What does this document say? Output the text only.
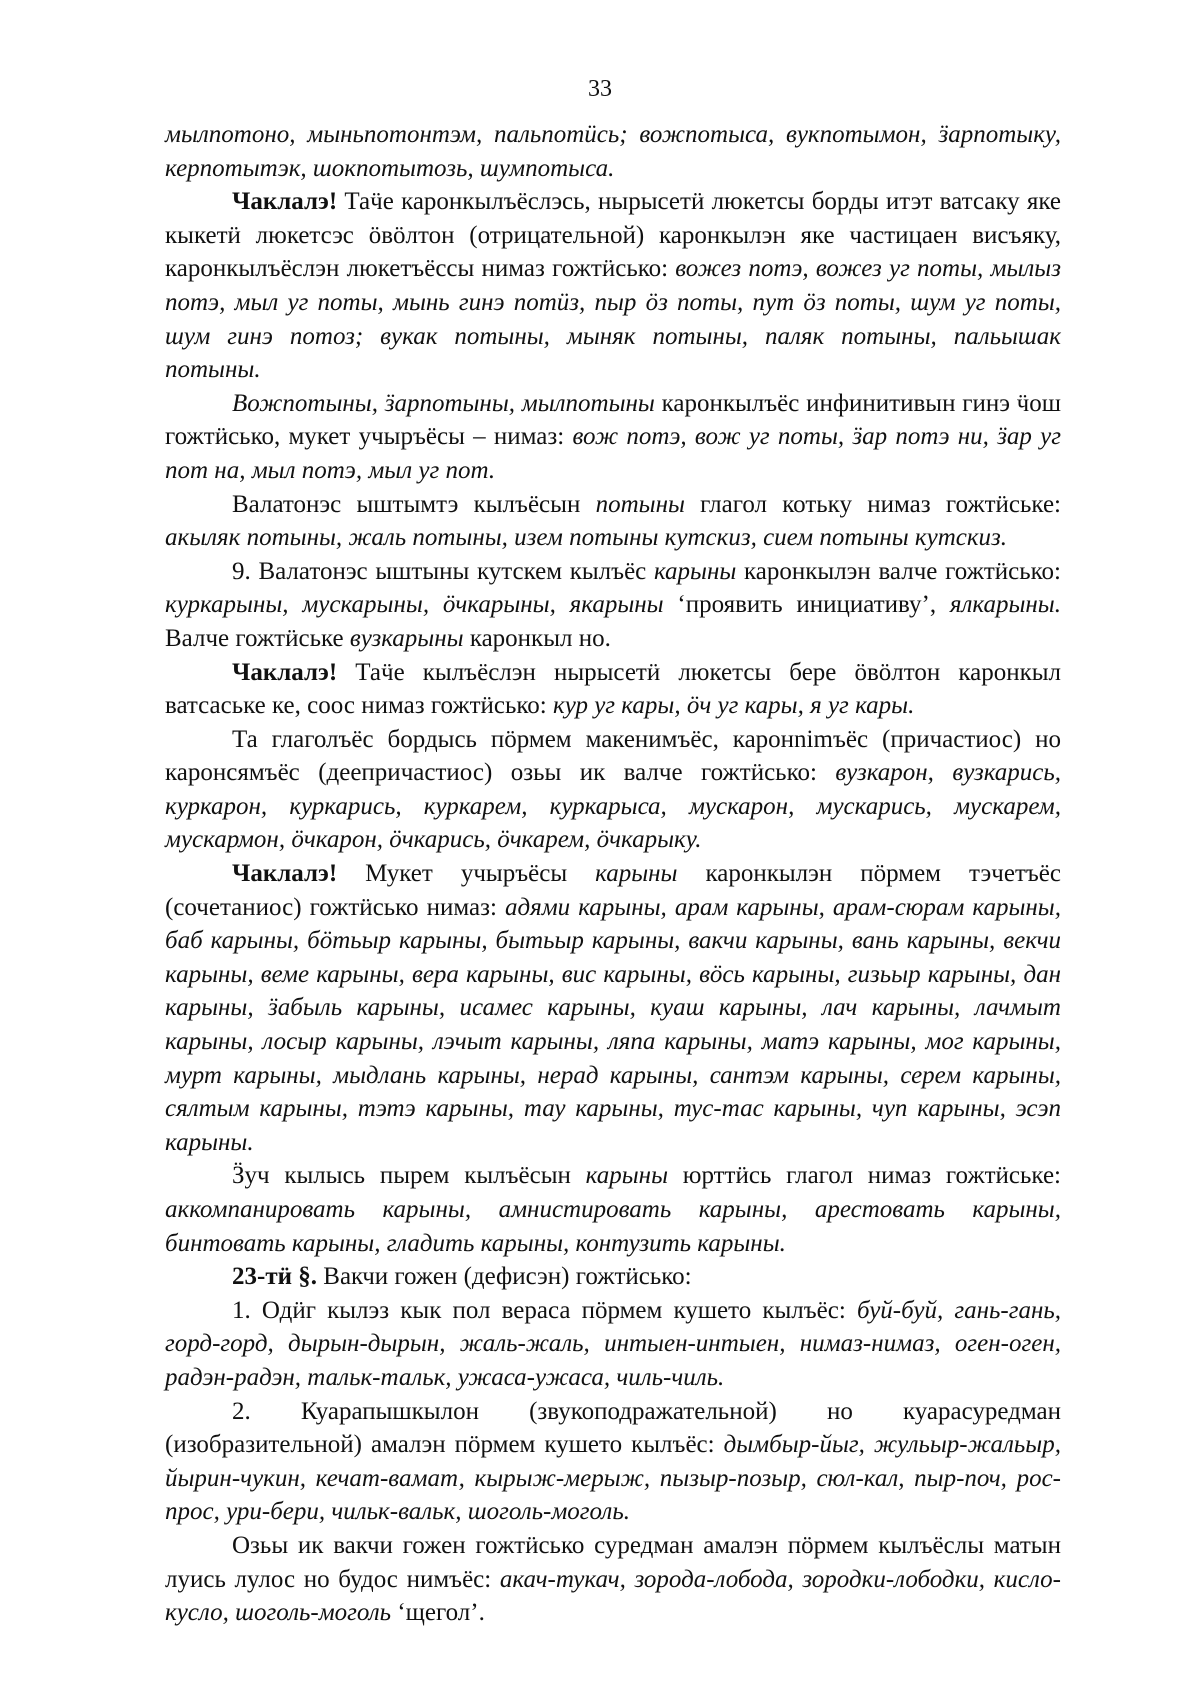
33

мылпотоно, мыньпотонтэм, пальпотӥсь; вожпотыса, вукпотымон, ӟарпотыку, керпотытэк, шокпотытозь, шумпотыса.

Чаклалэ! Таӵе каронкылъёслэсь, нырысетӥ люкетсы борды итэт ватсаку яке кыкетӥ люкетсэс öвöлтон (отрицательной) каронкылэн яке частицаен висъяку, каронкылъёслэн люкетъёссы нимаз гожтӥсько: вожез потэ, вожез уг поты, мылыз потэ, мыл уг поты, мынь гинэ потӥз, пыр öз поты, пут öз поты, шум уг поты, шум гинэ потоз; вукак потыны, мыняк потыны, паляк потыны, пальышак потыны.

Вожпотыны, ӟарпотыны, мылпотыны каронкылъёс инфинитивын гинэ ӵош гожтӥсько, мукет учыръёсы – нимаз: вож потэ, вож уг поты, ӟар потэ ни, ӟар уг пот на, мыл потэ, мыл уг пот.

Валатонэс ыштымтэ кылъёсын потыны глагол котьку нимаз гожтӥське: акыляк потыны, жаль потыны, изем потыны кутскиз, сием потыны кутскиз.

9. Валатонэс ыштыны кутскем кылъёс карыны каронкылэн валче гожтӥсько: куркарыны, мускарыны, öчкарыны, якарыны ‘проявить инициативу’, ялкарыны. Валче гожтӥське вузкарыны каронкыл но.

Чаклалэ! Таӵе кылъёслэн нырысетӥ люкетсы бере öвöлтон каронкыл ватсаське ке, соос нимаз гожтӥсько: кур уг кары, öч уг кары, я уг кары.

Та глаголъёс бордысь пöрмем макенимъёс, каронnimъёс (причастиос) но каронсямъёс (деепричастиос) озьы ик валче гожтӥсько: вузкарон, вузкарись, куркарон, куркарись, куркарем, куркарыса, мускарон, мускарись, мускарем, мускармон, öчкарон, öчкарись, öчкарем, öчкарыку.

Чаклалэ! Мукет учыръёсы карыны каронкылэн пöрмем тэчетъёс (сочетаниос) гожтӥсько нимаз: адями карыны, арам карыны, арам-сюрам карыны, баб карыны, бöтьыр карыны, бытьыр карыны, вакчи карыны, вань карыны, векчи карыны, веме карыны, вера карыны, вис карыны, вöсь карыны, гизьыр карыны, дан карыны, ӟабыль карыны, исамес карыны, куаш карыны, лач карыны, лачмыт карыны, лосыр карыны, лэчыт карыны, ляпа карыны, матэ карыны, мог карыны, мурт карыны, мыдлань карыны, нерад карыны, сантэм карыны, серем карыны, сялтым карыны, тэтэ карыны, тау карыны, тус-тас карыны, чуп карыны, эсэп карыны.

Ӟуч кылысь пырем кылъёсын карыны юрттӥсь глагол нимаз гожтӥське: аккомпанировать карыны, амнистировать карыны, арестовать карыны, бинтовать карыны, гладить карыны, контузить карыны.

23-тӥ §. Вакчи гожен (дефисэн) гожтӥсько:

1. Одӥг кылэз кык пол вераса пöрмем кушето кылъёс: буй-буй, гань-гань, горд-горд, дырын-дырын, жаль-жаль, интыен-интыен, нимаз-нимаз, оген-оген, радэн-радэн, тальк-тальк, ужаса-ужаса, чиль-чиль.

2. Куарапышкылон (звукоподражательной) но куарасуредман (изобразительной) амалэн пöрмем кушето кылъёс: дымбыр-йыг, жульыр-жальыр, йырин-чукин, кечат-вамат, кырыж-мерыж, пызыр-позыр, сюл-кал, пыр-поч, рос-прос, ури-бери, чильк-вальк, шоголь-моголь.

Озьы ик вакчи гожен гожтӥсько суредман амалэн пöрмем кылъёслы матын луись лулос но будос нимъёс: акач-тукач, зорода-лобода, зородки-лободки, кисло-кусло, шоголь-моголь ‘щегол’.
